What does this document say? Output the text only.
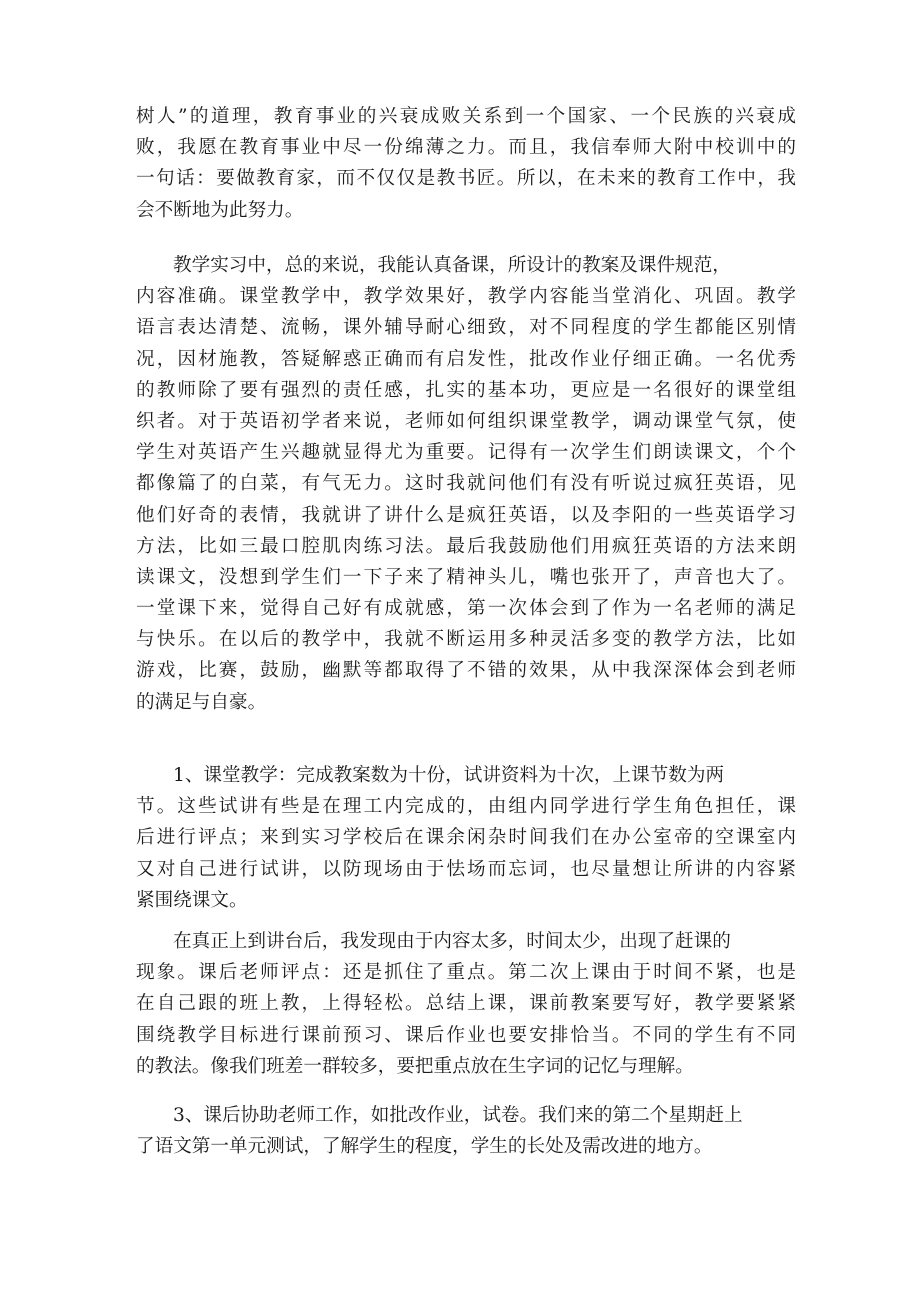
树人”的道理，教育事业的兴衰成败关系到一个国家、一个民族的兴衰成
败，我愿在教育事业中尽一份绵薄之力。而且，我信奉师大附中校训中的
一句话：要做教育家，而不仅仅是教书匠。所以，在未来的教育工作中，我
会不断地为此努力。
教学实习中，总的来说，我能认真备课，所设计的教案及课件规范，
内容准确。课堂教学中，教学效果好，教学内容能当堂消化、巩固。教学
语言表达清楚、流畅，课外辅导耐心细致，对不同程度的学生都能区别情
况，因材施教，答疑解惑正确而有启发性，批改作业仔细正确。一名优秀
的教师除了要有强烈的责任感，扎实的基本功，更应是一名很好的课堂组
织者。对于英语初学者来说，老师如何组织课堂教学，调动课堂气氛，使
学生对英语产生兴趣就显得尤为重要。记得有一次学生们朗读课文，个个
都像篇了的白菜，有气无力。这时我就问他们有没有听说过疯狂英语，见
他们好奇的表情，我就讲了讲什么是疯狂英语，以及李阳的一些英语学习
方法，比如三最口腔肌肉练习法。最后我鼓励他们用疯狂英语的方法来朗
读课文，没想到学生们一下子来了精神头儿，嘴也张开了，声音也大了。
一堂课下来，觉得自己好有成就感，第一次体会到了作为一名老师的满足
与快乐。在以后的教学中，我就不断运用多种灵活多变的教学方法，比如
游戏，比赛，鼓励，幽默等都取得了不错的效果，从中我深深体会到老师
的满足与自豪。
1、课堂教学：完成教案数为十份，试讲资料为十次，上课节数为两
节。这些试讲有些是在理工内完成的，由组内同学进行学生角色担任，课
后进行评点；来到实习学校后在课余闲杂时间我们在办公室帝的空课室内
又对自己进行试讲，以防现场由于怯场而忘词，也尽量想让所讲的内容紧
紧围绕课文。
在真正上到讲台后，我发现由于内容太多，时间太少，出现了赶课的
现象。课后老师评点：还是抓住了重点。第二次上课由于时间不紧，也是
在自己跟的班上教，上得轻松。总结上课，课前教案要写好，教学要紧紧
围绕教学目标进行课前预习、课后作业也要安排恰当。不同的学生有不同
的教法。像我们班差一群较多，要把重点放在生字词的记忆与理解。
3、课后协助老师工作，如批改作业，试卷。我们来的第二个星期赶上
了语文第一单元测试，了解学生的程度，学生的长处及需改进的地方。
